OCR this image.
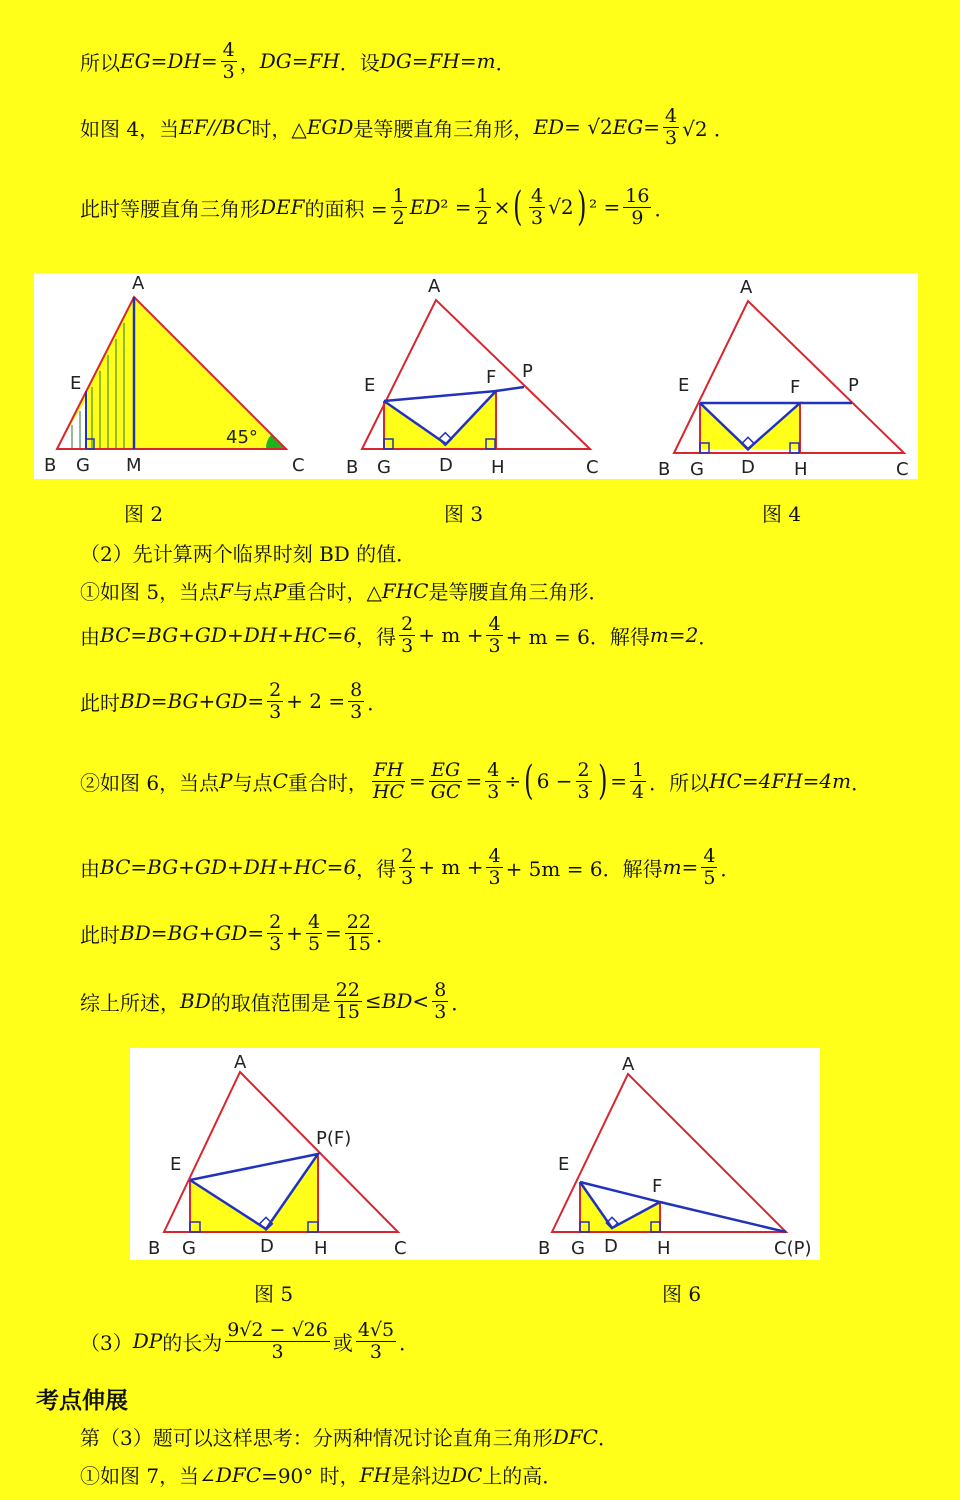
所以 EG = DH = $\frac{4}{3}$ ， DG=FH ．设 DG=FH=m ．
如图 4，当 EF//BC 时，△ EGD 是等腰直角三角形， ED = √2 EG = $\frac{4}{3} √2$ ．
此时等腰直角三角形 DEF 的面积 = $\frac{1}{2}$ ED $^2 = \frac{1}{2}$ × ( $\frac{4}{3} √2$ ) $^2 = \frac{16}{9}$ ．
A
E
B G M	C
45°
A
E	F P
B G	D H	C
A
E	F	P
B G D H	C
图 2	图 3	图 4
（2）先计算两个临界时刻 BD 的值．
①如图 5，当点 F 与点 P 重合时，△ FHC 是等腰直角三角形．
由 BC=BG+GD+DH+HC=6 ，得 $\frac{2}{3} + m + \frac{4}{3} + m = 6$．解得 m=2 ．
此时 $BD=BG+GD = \frac{2}{3} + 2 = \frac{8}{3}$ ．
②如图 6，当点 P 与点 C 重合时， $\frac{FH}{HC} = \frac{EG}{GC} = \frac{4}{3}$ ÷ ( $6 - \frac{2}{3}$ ) = $\frac{1}{4}$ ．所以 HC=4FH=4m ．
由 BC=BG+GD+DH+HC=6 ，得 $\frac{2}{3} + m + \frac{4}{3} + 5m = 6$．解得 $m = \frac{4}{5}$ ．
此时 $BD=BG+GD = \frac{2}{3} + \frac{4}{5} = \frac{22}{15}$ ．
综上所述， BD 的取值范围是 $\frac{22}{15}$ ≤ BD < $\frac{8}{3}$ ．
A
E
P(F)
B G	D H	C
A
E
F
B G D H	C(P)
图 5	图 6
（3） DP 的长为 $\frac{9√2 - √26}{3}$ 或 $\frac{4√5}{3}$ ．
考点伸展
第（3）题可以这样思考：分两种情况讨论直角三角形 DFC ．
①如图 7，当∠ DFC =90° 时， FH 是斜边 DC 上的高．
